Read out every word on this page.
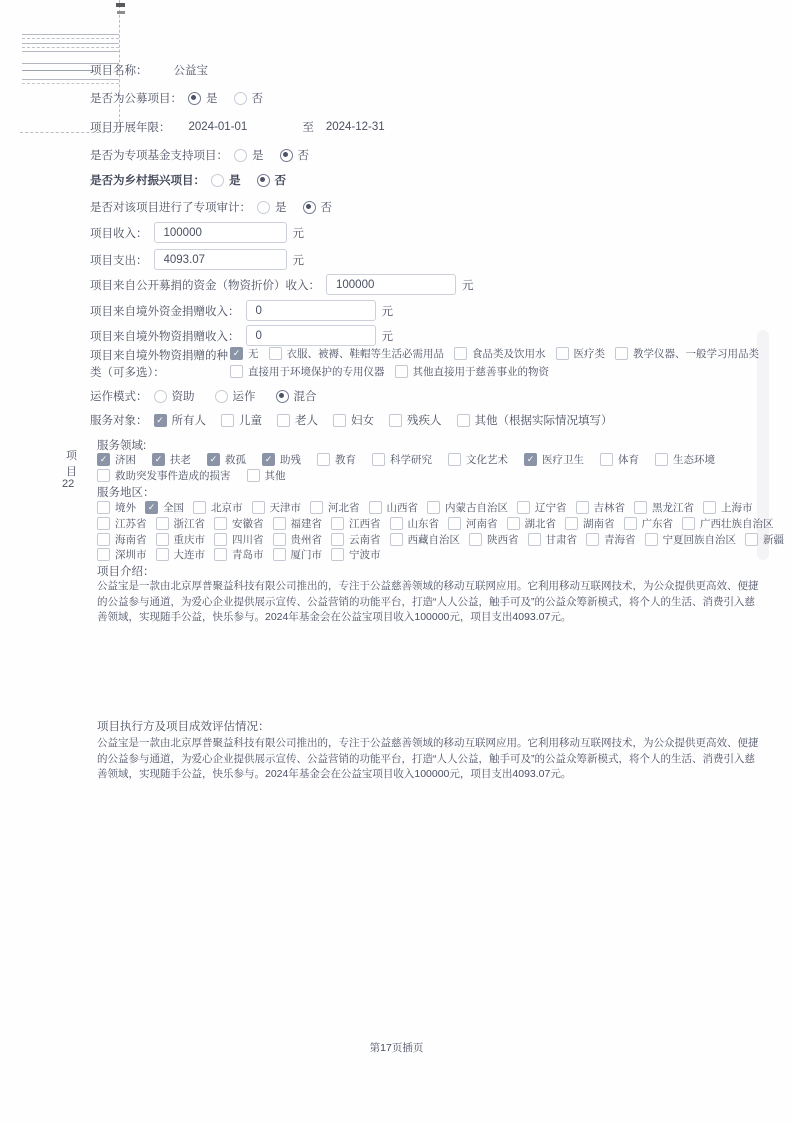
项目名称： 公益宝
是否为公募项目： 是	否
项目开展年限： 2024-01-01	至 2024-12-31
是否为专项基金支持项目： 是	否
是否为乡村振兴项目： 是	否
是否对该项目进行了专项审计： 是	否
项目收入：
100000	元
项目支出：
4093.07	元
项目来自公开募捐的资金（物资折价）收入：
100000	元
项目来自境外资金捐赠收入：
0	元
项目来自境外物资捐赠收入：
0	元
项目来自境外物资捐赠的种
类（可多选）：
✓
无	衣服、被褥、鞋帽等生活必需用品	食品类及饮用水	医疗类	教学仪器、一般学习用品类
直接用于环境保护的专用仪器	其他直接用于慈善事业的物资
运作模式： 资助	运作	混合
服务对象： ✓ 所有人	儿童	老人	妇女	残疾人	其他（根据实际情况填写）
项
目
22
服务领域:
✓
济困 ✓	扶老 ✓	救孤 ✓	助残	教育	科学研究	文化艺术 ✓	医疗卫生	体育	生态环境
救助突发事件造成的损害	其他
服务地区：
境外 ✓	全国	北京市	天津市	河北省	山西省	内蒙古自治区	辽宁省	吉林省	黑龙江省	上海市
江苏省	浙江省	安徽省	福建省	江西省	山东省	河南省	湖北省	湖南省	广东省	广西壮族自治区
海南省	重庆市	四川省	贵州省	云南省	西藏自治区	陕西省	甘肃省	青海省	宁夏回族自治区	新疆
深圳市	大连市	青岛市	厦门市	宁波市
项目介绍：
公益宝是一款由北京厚普聚益科技有限公司推出的，专注于公益慈善领域的移动互联网应用。它利用移动互联网技术，为公众提供更高效、便捷的公益参与通道，为爱心企业提供展示宣传、公益营销的功能平台，打造“人人公益，触手可及”的公益众筹新模式，将个人的生活、消费引入慈善领域，实现随手公益，快乐参与。2024年基金会在公益宝项目收入100000元，项目支出4093.07元。
项目执行方及项目成效评估情况：
公益宝是一款由北京厚普聚益科技有限公司推出的，专注于公益慈善领域的移动互联网应用。它利用移动互联网技术，为公众提供更高效、便捷的公益参与通道，为爱心企业提供展示宣传、公益营销的功能平台，打造“人人公益，触手可及”的公益众筹新模式，将个人的生活、消费引入慈善领域，实现随手公益，快乐参与。2024年基金会在公益宝项目收入100000元，项目支出4093.07元。
第17页插页
